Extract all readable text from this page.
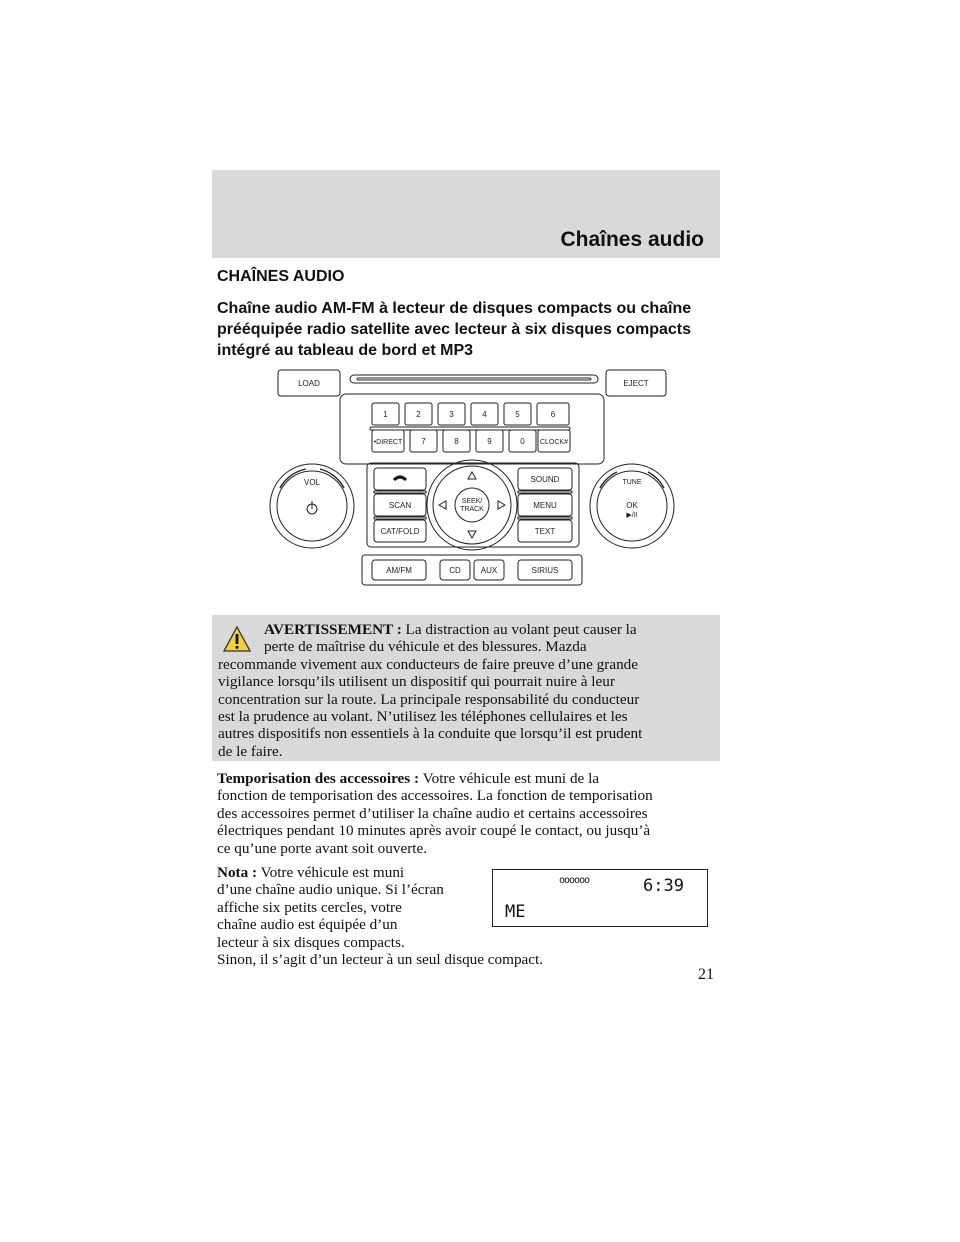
Chaînes audio
CHAÎNES AUDIO
Chaîne audio AM-FM à lecteur de disques compacts ou chaîne
prééquipée radio satellite avec lecteur à six disques compacts
intégré au tableau de bord et MP3
LOAD	EJECT
1	2	3	4	5	6
•DIRECT 7	8	9	0 CLOCK#
VOL	TUNE
OK
▶/II
SCAN
CAT/FOLD
SOUND
MENU
TEXT
SEEK/
TRACK
AM/FM	CD AUX	SIRIUS
AVERTISSEMENT : La distraction au volant peut causer la
perte de maîtrise du véhicule et des blessures. Mazda
recommande vivement aux conducteurs de faire preuve d’une grande
vigilance lorsqu’ils utilisent un dispositif qui pourrait nuire à leur
concentration sur la route. La principale responsabilité du conducteur
est la prudence au volant. N’utilisez les téléphones cellulaires et les
autres dispositifs non essentiels à la conduite que lorsqu’il est prudent
de le faire.
Temporisation des accessoires : Votre véhicule est muni de la
fonction de temporisation des accessoires. La fonction de temporisation
des accessoires permet d’utiliser la chaîne audio et certains accessoires
électriques pendant 10 minutes après avoir coupé le contact, ou jusqu’à
ce qu’une porte avant soit ouverte.
Nota : Votre véhicule est muni
d’une chaîne audio unique. Si l’écran
affiche six petits cercles, votre
chaîne audio est équipée d’un
lecteur à six disques compacts.
Sinon, il s’agit d’un lecteur à un seul disque compact.
oooooo	6:39
ME
21
